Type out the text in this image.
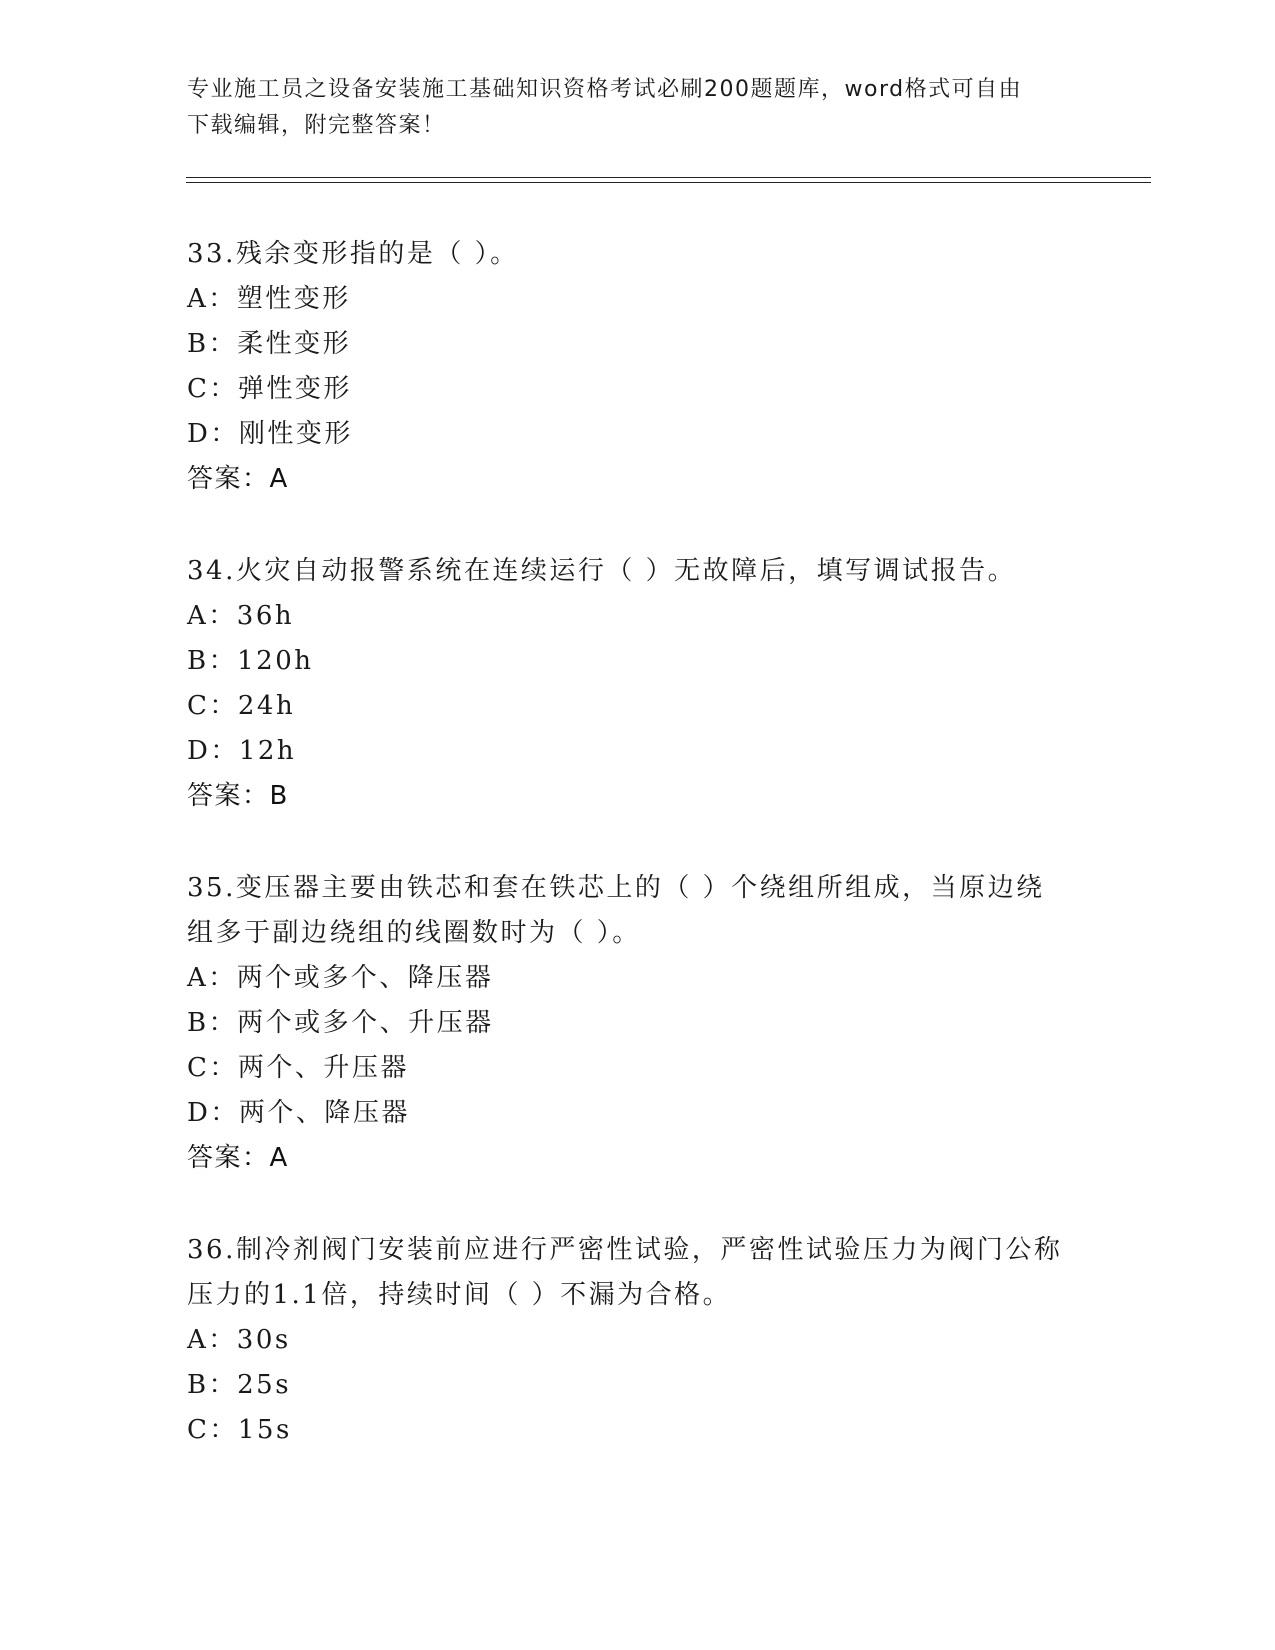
专业施工员之设备安装施工基础知识资格考试必刷200题题库，word格式可自由
下载编辑，附完整答案！
33.残余变形指的是（ ）。
A：塑性变形
B：柔性变形
C：弹性变形
D：刚性变形
答案：A
34.火灾自动报警系统在连续运行（ ）无故障后，填写调试报告。
A：36h
B：120h
C：24h
D：12h
答案：B
35.变压器主要由铁芯和套在铁芯上的（ ）个绕组所组成，当原边绕
组多于副边绕组的线圈数时为（ ）。
A：两个或多个、降压器
B：两个或多个、升压器
C：两个、升压器
D：两个、降压器
答案：A
36.制冷剂阀门安装前应进行严密性试验，严密性试验压力为阀门公称
压力的1.1倍，持续时间（ ）不漏为合格。
A：30s
B：25s
C：15s
